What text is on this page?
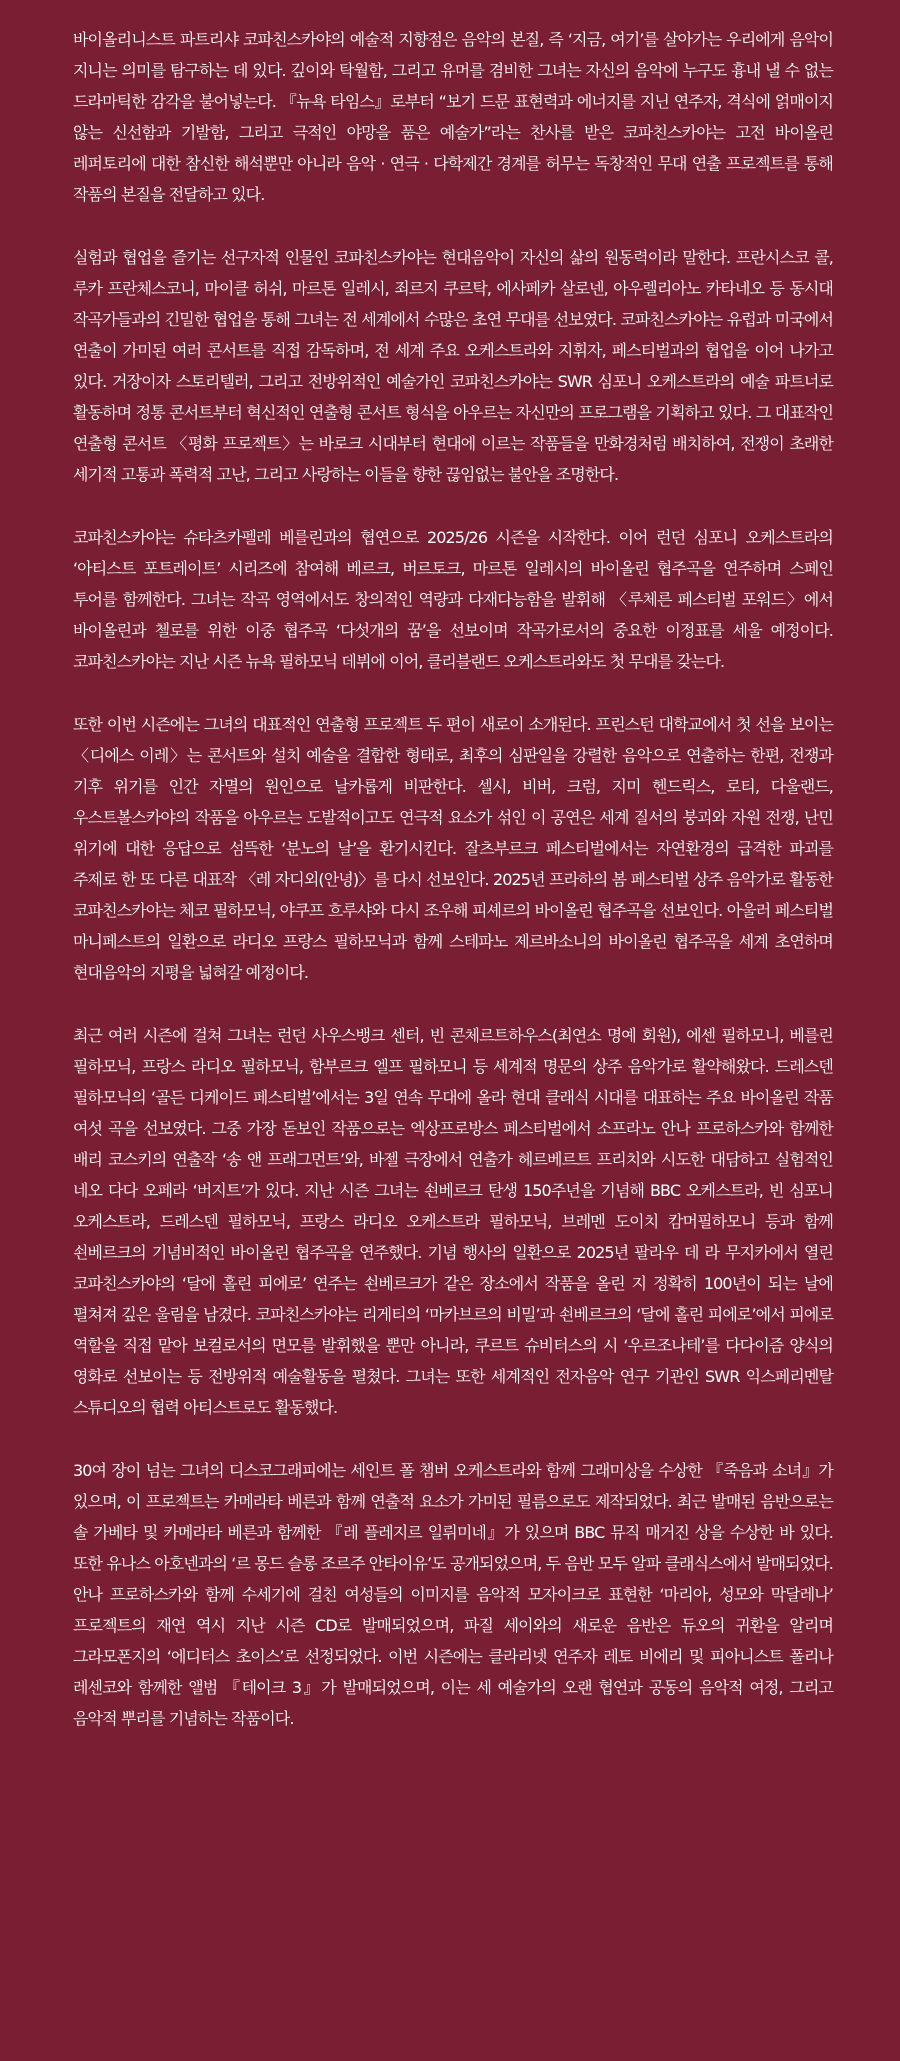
바이올리니스트 파트리샤 코파친스카야의 예술적 지향점은 음악의 본질, 즉 ‘지금, 여기’를 살아가는 우리에게 음악이 지니는 의미를 탐구하는 데 있다. 깊이와 탁월함, 그리고 유머를 겸비한 그녀는 자신의 음악에 누구도 흉내 낼 수 없는 드라마틱한 감각을 불어넣는다. 『뉴욕 타임스』로부터 “보기 드문 표현력과 에너지를 지닌 연주자, 격식에 얽매이지 않는 신선함과 기발함, 그리고 극적인 야망을 품은 예술가”라는 찬사를 받은 코파친스카야는 고전 바이올린 레퍼토리에 대한 참신한 해석뿐만 아니라 음악 · 연극 · 다학제간 경계를 허무는 독창적인 무대 연출 프로젝트를 통해 작품의 본질을 전달하고 있다.

실험과 협업을 즐기는 선구자적 인물인 코파친스카야는 현대음악이 자신의 삶의 원동력이라 말한다. 프란시스코 콜, 루카 프란체스코니, 마이클 허쉬, 마르톤 일레시, 죄르지 쿠르탁, 에사페카 살로넨, 아우렐리아노 카타네오 등 동시대 작곡가들과의 긴밀한 협업을 통해 그녀는 전 세계에서 수많은 초연 무대를 선보였다. 코파친스카야는 유럽과 미국에서 연출이 가미된 여러 콘서트를 직접 감독하며, 전 세계 주요 오케스트라와 지휘자, 페스티벌과의 협업을 이어 나가고 있다. 거장이자 스토리텔러, 그리고 전방위적인 예술가인 코파친스카야는 SWR 심포니 오케스트라의 예술 파트너로 활동하며 정통 콘서트부터 혁신적인 연출형 콘서트 형식을 아우르는 자신만의 프로그램을 기획하고 있다. 그 대표작인 연출형 콘서트 〈평화 프로젝트〉는 바로크 시대부터 현대에 이르는 작품들을 만화경처럼 배치하여, 전쟁이 초래한 세기적 고통과 폭력적 고난, 그리고 사랑하는 이들을 향한 끊임없는 불안을 조명한다.

코파친스카야는 슈타츠카펠레 베를린과의 협연으로 2025/26 시즌을 시작한다. 이어 런던 심포니 오케스트라의 ‘아티스트 포트레이트’ 시리즈에 참여해 베르크, 버르토크, 마르톤 일레시의 바이올린 협주곡을 연주하며 스페인 투어를 함께한다. 그녀는 작곡 영역에서도 창의적인 역량과 다재다능함을 발휘해 〈루체른 페스티벌 포워드〉에서 바이올린과 첼로를 위한 이중 협주곡 ‘다섯개의 꿈’을 선보이며 작곡가로서의 중요한 이정표를 세울 예정이다. 코파친스카야는 지난 시즌 뉴욕 필하모닉 데뷔에 이어, 클리블랜드 오케스트라와도 첫 무대를 갖는다.

또한 이번 시즌에는 그녀의 대표적인 연출형 프로젝트 두 편이 새로이 소개된다. 프린스턴 대학교에서 첫 선을 보이는 〈디에스 이레〉는 콘서트와 설치 예술을 결합한 형태로, 최후의 심판일을 강렬한 음악으로 연출하는 한편, 전쟁과 기후 위기를 인간 자멸의 원인으로 날카롭게 비판한다. 셀시, 비버, 크럼, 지미 헨드릭스, 로티, 다울랜드, 우스트볼스카야의 작품을 아우르는 도발적이고도 연극적 요소가 섞인 이 공연은 세계 질서의 붕괴와 자원 전쟁, 난민 위기에 대한 응답으로 섬뜩한 ‘분노의 날’을 환기시킨다. 잘츠부르크 페스티벌에서는 자연환경의 급격한 파괴를 주제로 한 또 다른 대표작 〈레 자디외(안녕)〉를 다시 선보인다. 2025년 프라하의 봄 페스티벌 상주 음악가로 활동한 코파친스카야는 체코 필하모닉, 야쿠프 흐루샤와 다시 조우해 피셰르의 바이올린 협주곡을 선보인다. 아울러 페스티벌 마니페스트의 일환으로 라디오 프랑스 필하모닉과 함께 스테파노 제르바소니의 바이올린 협주곡을 세계 초연하며 현대음악의 지평을 넓혀갈 예정이다.

최근 여러 시즌에 걸쳐 그녀는 런던 사우스뱅크 센터, 빈 콘체르트하우스(최연소 명예 회원), 에센 필하모니, 베를린 필하모닉, 프랑스 라디오 필하모닉, 함부르크 엘프 필하모니 등 세계적 명문의 상주 음악가로 활약해왔다. 드레스덴 필하모닉의 ‘골든 디케이드 페스티벌’에서는 3일 연속 무대에 올라 현대 클래식 시대를 대표하는 주요 바이올린 작품 여섯 곡을 선보였다. 그중 가장 돋보인 작품으로는 엑상프로방스 페스티벌에서 소프라노 안나 프로하스카와 함께한 배리 코스키의 연출작 ‘송 앤 프래그먼트’와, 바젤 극장에서 연출가 헤르베르트 프리치와 시도한 대담하고 실험적인 네오 다다 오페라 ‘버지트’가 있다. 지난 시즌 그녀는 쇤베르크 탄생 150주년을 기념해 BBC 오케스트라, 빈 심포니 오케스트라, 드레스덴 필하모닉, 프랑스 라디오 오케스트라 필하모닉, 브레멘 도이치 캄머필하모니 등과 함께 쇤베르크의 기념비적인 바이올린 협주곡을 연주했다. 기념 행사의 일환으로 2025년 팔라우 데 라 무지카에서 열린 코파친스카야의 ‘달에 홀린 피에로’ 연주는 쇤베르크가 같은 장소에서 작품을 올린 지 정확히 100년이 되는 날에 펼쳐져 깊은 울림을 남겼다. 코파친스카야는 리게티의 ‘마카브르의 비밀’과 쇤베르크의 ‘달에 홀린 피에로’에서 피에로 역할을 직접 맡아 보컬로서의 면모를 발휘했을 뿐만 아니라, 쿠르트 슈비터스의 시 ‘우르조나테’를 다다이즘 양식의 영화로 선보이는 등 전방위적 예술활동을 펼쳤다. 그녀는 또한 세계적인 전자음악 연구 기관인 SWR 익스페리멘탈 스튜디오의 협력 아티스트로도 활동했다.

30여 장이 넘는 그녀의 디스코그래피에는 세인트 폴 챔버 오케스트라와 함께 그래미상을 수상한 『죽음과 소녀』가 있으며, 이 프로젝트는 카메라타 베른과 함께 연출적 요소가 가미된 필름으로도 제작되었다. 최근 발매된 음반으로는 솔 가베타 및 카메라타 베른과 함께한 『레 플레지르 일뤼미네』가 있으며 BBC 뮤직 매거진 상을 수상한 바 있다. 또한 유나스 아호넨과의 ‘르 몽드 슬롱 조르주 안타이유’도 공개되었으며, 두 음반 모두 알파 클래식스에서 발매되었다. 안나 프로하스카와 함께 수세기에 걸친 여성들의 이미지를 음악적 모자이크로 표현한 ‘마리아, 성모와 막달레나’ 프로젝트의 재연 역시 지난 시즌 CD로 발매되었으며, 파질 세이와의 새로운 음반은 듀오의 귀환을 알리며 그라모폰지의 ‘에디터스 초이스’로 선정되었다. 이번 시즌에는 클라리넷 연주자 레토 비에리 및 피아니스트 폴리나 레센코와 함께한 앨범 『테이크 3』가 발매되었으며, 이는 세 예술가의 오랜 협연과 공동의 음악적 여정, 그리고 음악적 뿌리를 기념하는 작품이다.
